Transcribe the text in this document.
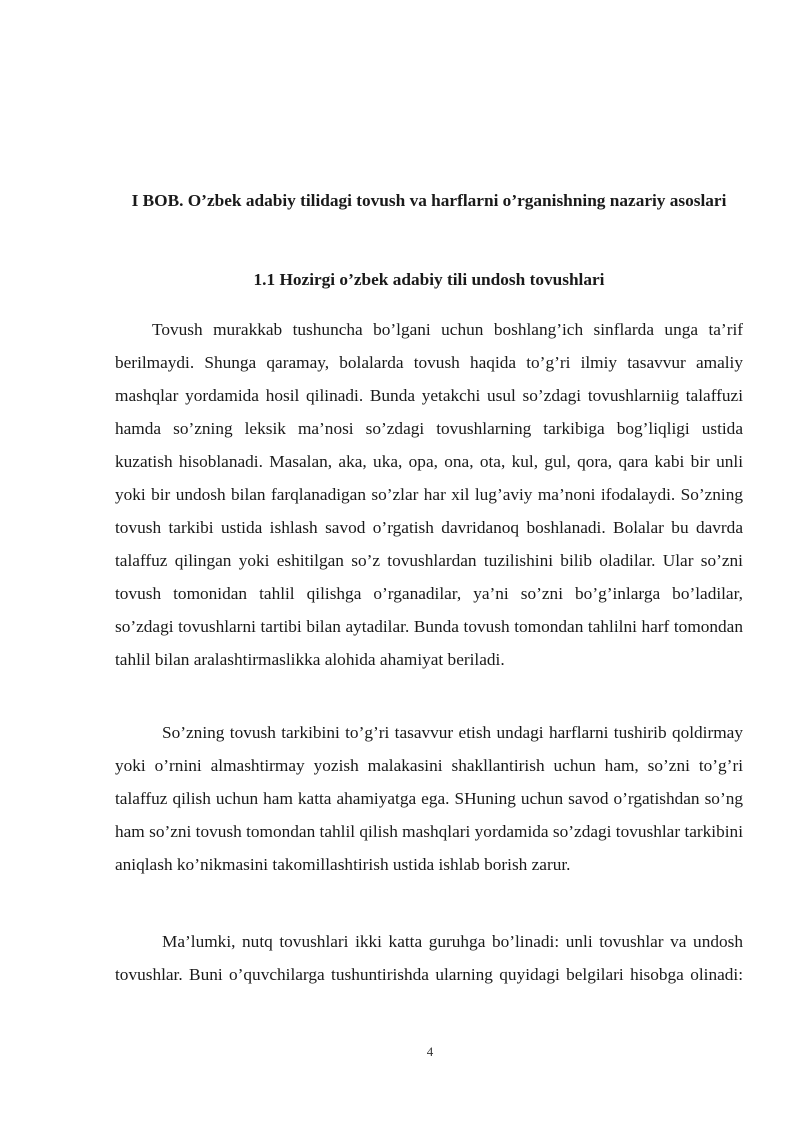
I BOB. O’zbek adabiy tilidagi tovush va harflarni o’rganishning nazariy asoslari
1.1 Hozirgi o’zbek adabiy tili undosh tovushlari

Tovush murakkab tushuncha bo’lgani uchun boshlang’ich sinflarda unga ta’rif berilmaydi. Shunga qaramay, bolalarda tovush haqida to’g’ri ilmiy tasavvur amaliy mashqlar yordamida hosil qilinadi. Bunda yetakchi usul so’zdagi tovushlarniig talaffuzi hamda so’zning leksik ma’nosi so’zdagi tovushlarning tarkibiga bog’liqligi ustida kuzatish hisoblanadi. Masalan, aka, uka, opa, ona, ota, kul, gul, qora, qara kabi bir unli yoki bir undosh bilan farqlanadigan so’zlar har xil lug’aviy ma’noni ifodalaydi. So’zning tovush tarkibi ustida ishlash savod o’rgatish davridanoq boshlanadi. Bolalar bu davrda talaffuz qilingan yoki eshitilgan so’z tovushlardan tuzilishini bilib oladilar. Ular so’zni tovush tomonidan tahlil qilishga o’rganadilar, ya’ni so’zni bo’g’inlarga bo’ladilar, so’zdagi tovushlarni tartibi bilan aytadilar. Bunda tovush tomondan tahlilni harf tomondan tahlil bilan aralashtirmaslikka alohida ahamiyat beriladi.

So’zning tovush tarkibini to’g’ri tasavvur etish undagi harflarni tushirib qoldirmay yoki o’rnini almashtirmay yozish malakasini shakllantirish uchun ham, so’zni to’g’ri talaffuz qilish uchun ham katta ahamiyatga ega. SHuning uchun savod o’rgatishdan so’ng ham so’zni tovush tomondan tahlil qilish mashqlari yordamida so’zdagi tovushlar tarkibini aniqlash ko’nikmasini takomillashtirish ustida ishlab borish zarur.

Ma’lumki, nutq tovushlari ikki katta guruhga bo’linadi: unli tovushlar va undosh tovushlar. Buni o’quvchilarga tushuntirishda ularning quyidagi belgilari hisobga olinadi:

4
